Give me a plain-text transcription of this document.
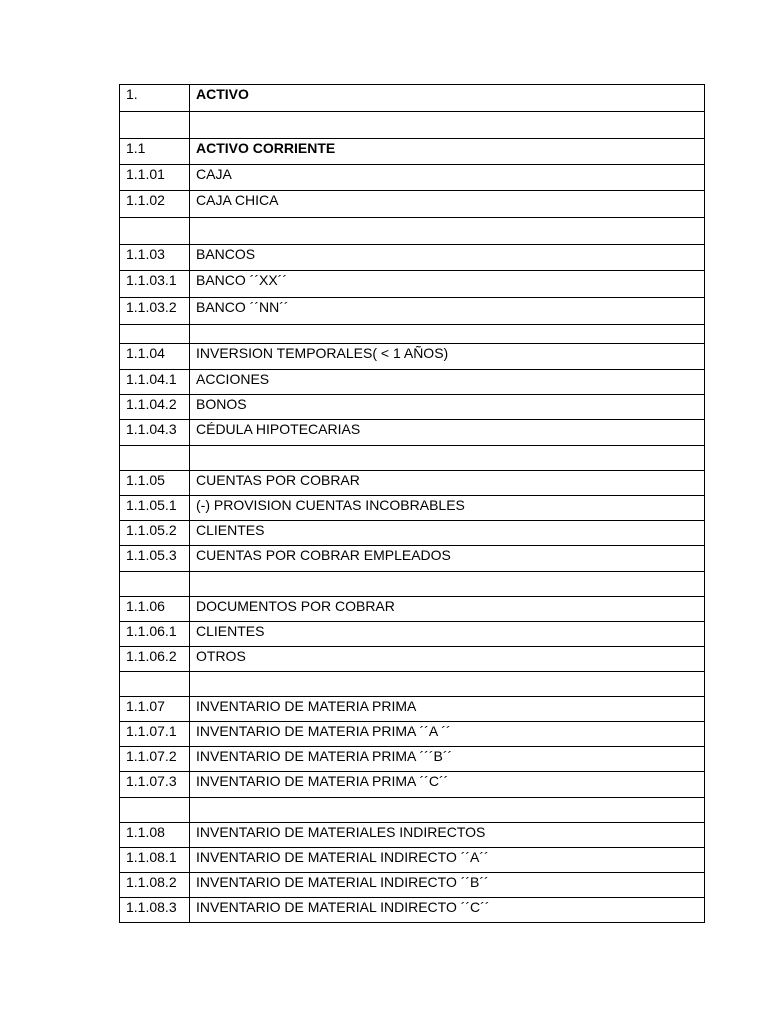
1.	ACTIVO
1.1	ACTIVO CORRIENTE
1.1.01 CAJA
1.1.02 CAJA CHICA
1.1.03 BANCOS
1.1.03.1 BANCO ´´XX´´
1.1.03.2 BANCO ´´NN´´
1.1.04 INVERSION TEMPORALES( < 1 AÑOS)
1.1.04.1 ACCIONES
1.1.04.2 BONOS
1.1.04.3 CÉDULA HIPOTECARIAS
1.1.05 CUENTAS POR COBRAR
1.1.05.1 (-) PROVISION CUENTAS INCOBRABLES
1.1.05.2 CLIENTES
1.1.05.3 CUENTAS POR COBRAR EMPLEADOS
1.1.06 DOCUMENTOS POR COBRAR
1.1.06.1 CLIENTES
1.1.06.2 OTROS
1.1.07 INVENTARIO DE MATERIA PRIMA
1.1.07.1 INVENTARIO DE MATERIA PRIMA ´´A ´´
1.1.07.2 INVENTARIO DE MATERIA PRIMA ´´´B´´
1.1.07.3 INVENTARIO DE MATERIA PRIMA ´´C´´
1.1.08 INVENTARIO DE MATERIALES INDIRECTOS
1.1.08.1 INVENTARIO DE MATERIAL INDIRECTO ´´A´´
1.1.08.2 INVENTARIO DE MATERIAL INDIRECTO ´´B´´
1.1.08.3 INVENTARIO DE MATERIAL INDIRECTO ´´C´´
